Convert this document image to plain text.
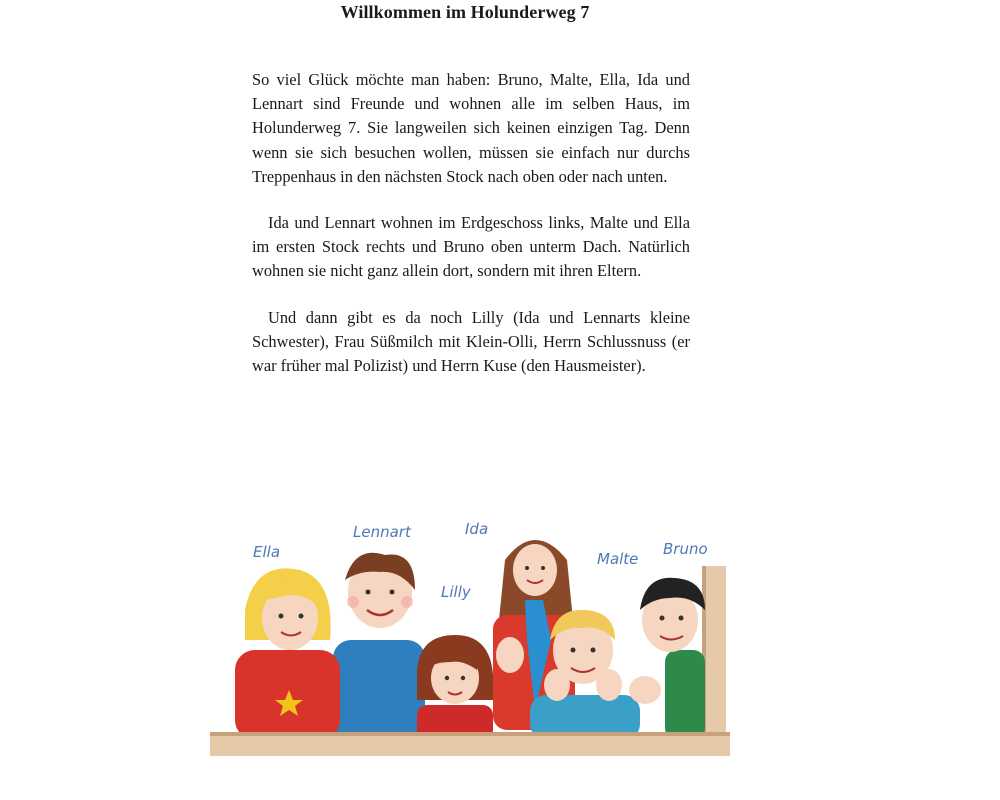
Willkommen im Holunderweg 7

So viel Glück möchte man haben: Bruno, Malte, Ella, Ida und Lennart sind Freunde und wohnen alle im selben Haus, im Holunderweg 7. Sie langweilen sich keinen einzigen Tag. Denn wenn sie sich besuchen wollen, müssen sie einfach nur durchs Treppenhaus in den nächsten Stock nach oben oder nach unten.

Ida und Lennart wohnen im Erdgeschoss links, Malte und Ella im ersten Stock rechts und Bruno oben unterm Dach. Natürlich wohnen sie nicht ganz allein dort, sondern mit ihren Eltern.

Und dann gibt es da noch Lilly (Ida und Lennarts kleine Schwester), Frau Süßmilch mit Klein-Olli, Herrn Schlussnuss (er war früher mal Polizist) und Herrn Kuse (den Hausmeister).

Ella
Lennart	Ida
Lilly
Malte
Bruno
